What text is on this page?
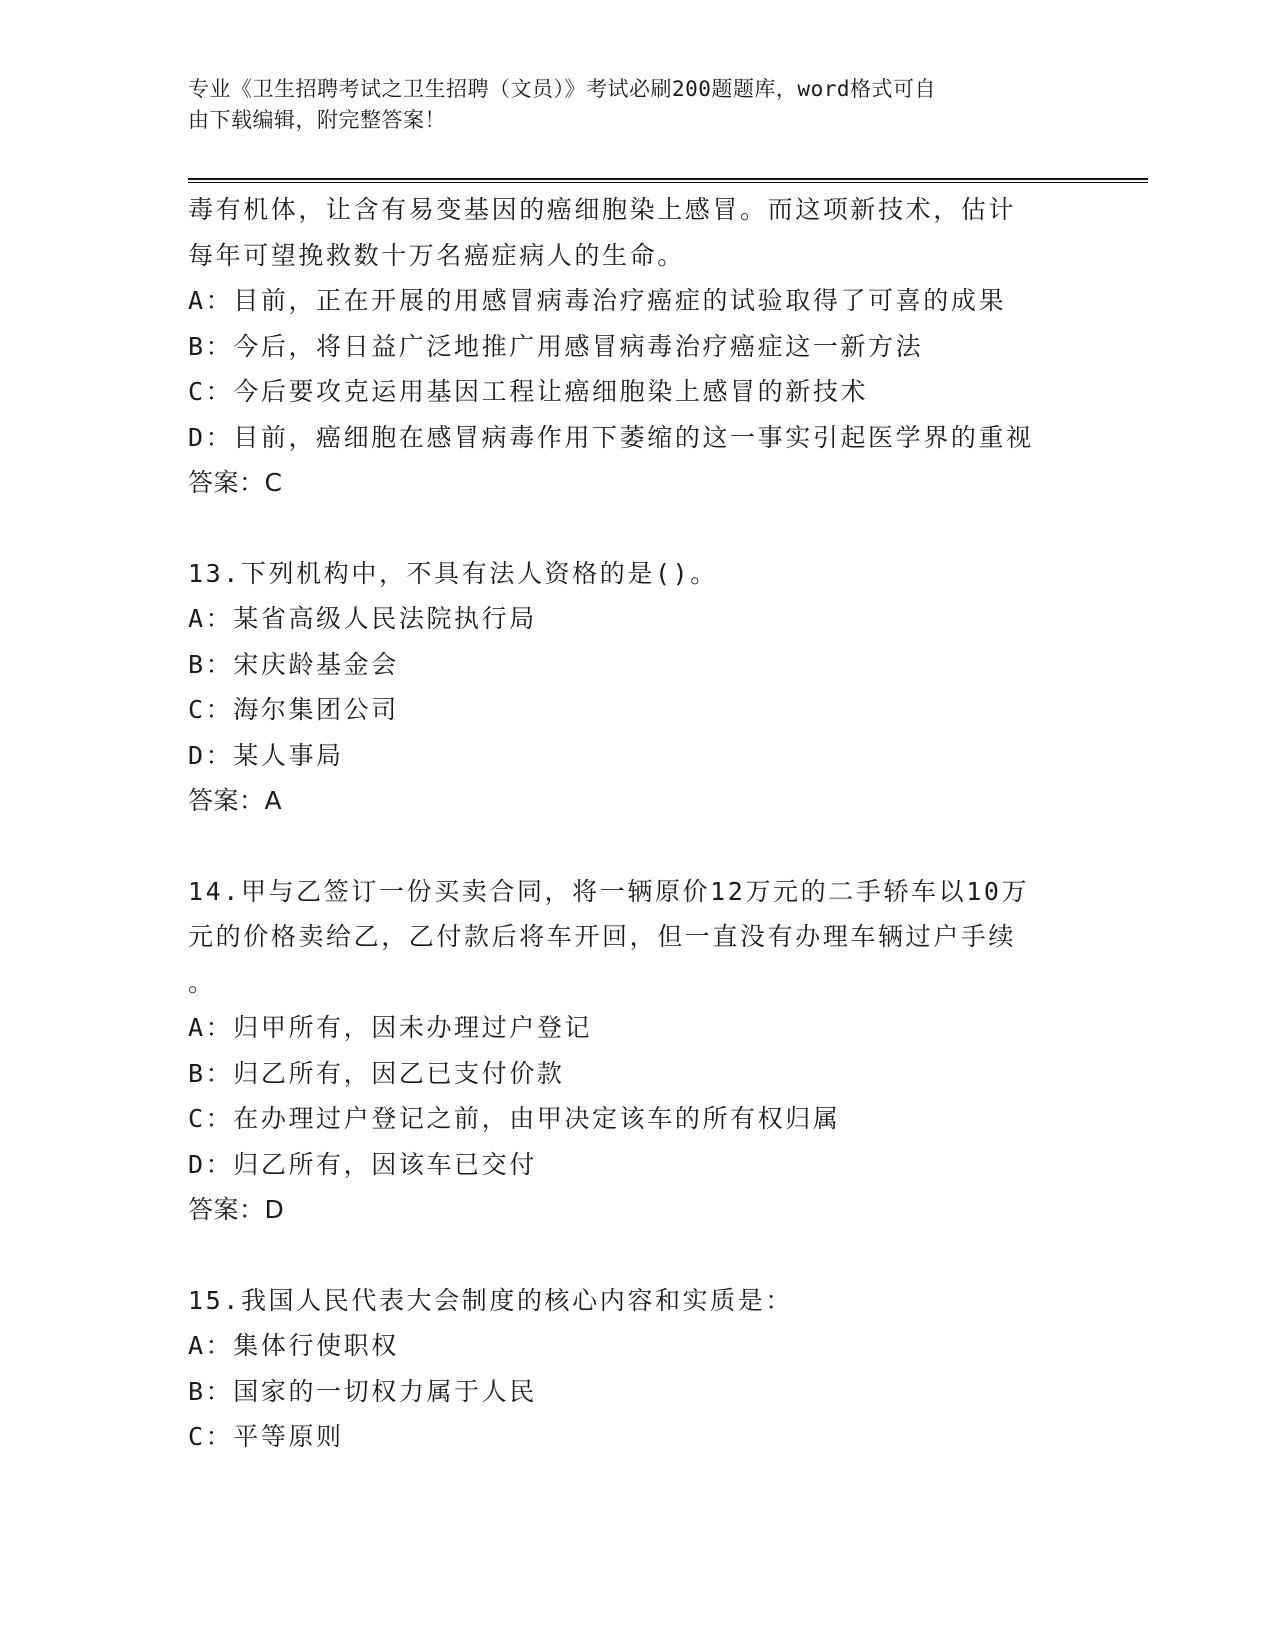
专业《卫生招聘考试之卫生招聘（文员）》考试必刷200题题库，word格式可自
由下载编辑，附完整答案！
毒有机体，让含有易变基因的癌细胞染上感冒。而这项新技术，估计
每年可望挽救数十万名癌症病人的生命。
A：目前，正在开展的用感冒病毒治疗癌症的试验取得了可喜的成果
B：今后，将日益广泛地推广用感冒病毒治疗癌症这一新方法
C：今后要攻克运用基因工程让癌细胞染上感冒的新技术
D：目前，癌细胞在感冒病毒作用下萎缩的这一事实引起医学界的重视
答案：C
13.下列机构中，不具有法人资格的是()。
A：某省高级人民法院执行局
B：宋庆龄基金会
C：海尔集团公司
D：某人事局
答案：A
14.甲与乙签订一份买卖合同，将一辆原价12万元的二手轿车以10万
元的价格卖给乙，乙付款后将车开回，但一直没有办理车辆过户手续
。
A：归甲所有，因未办理过户登记
B：归乙所有，因乙已支付价款
C：在办理过户登记之前，由甲决定该车的所有权归属
D：归乙所有，因该车已交付
答案：D
15.我国人民代表大会制度的核心内容和实质是：
A：集体行使职权
B：国家的一切权力属于人民
C：平等原则
